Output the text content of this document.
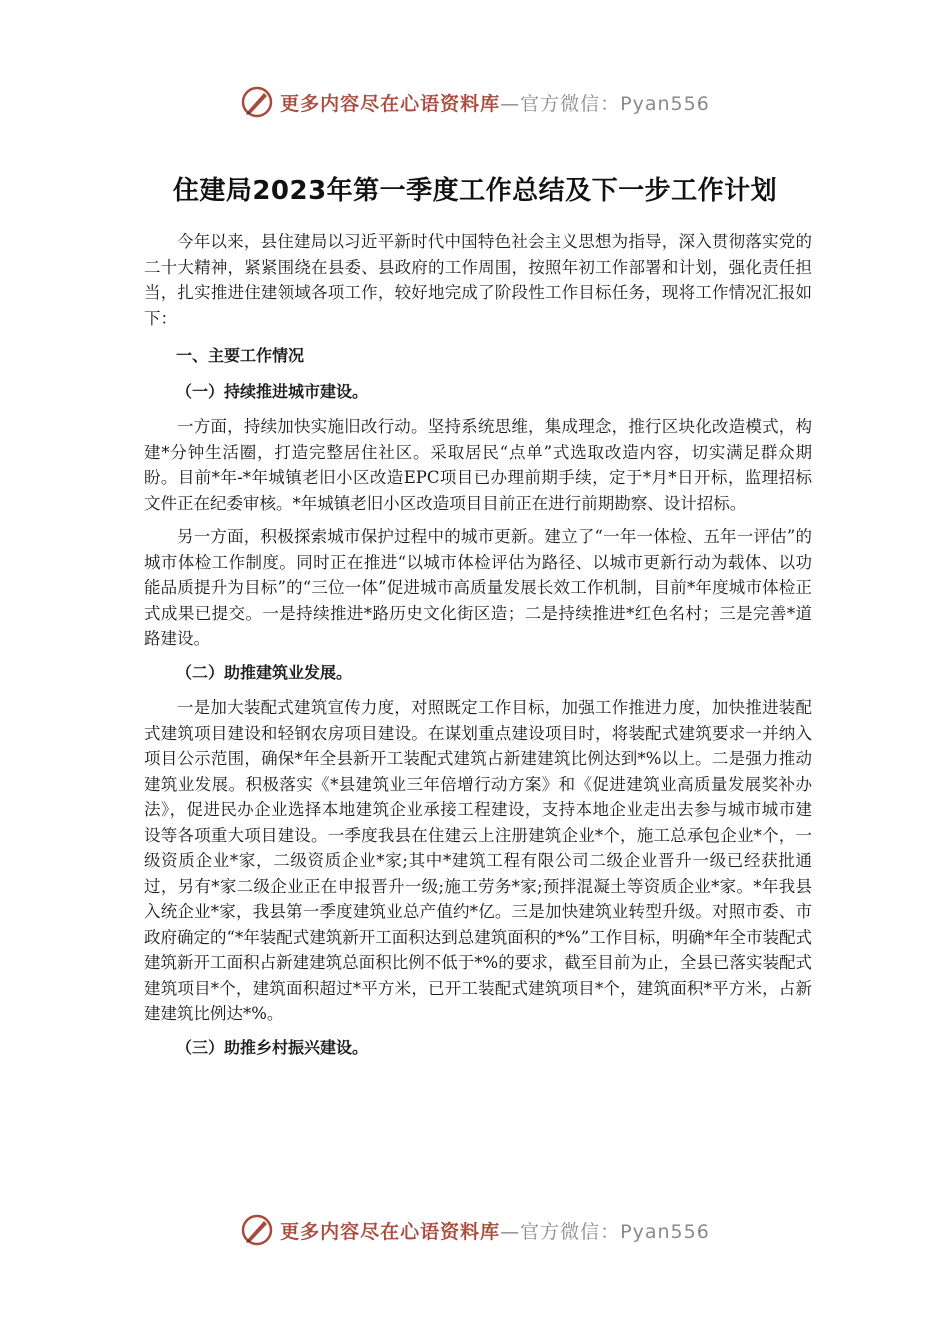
更多内容尽在心语资料库—官方微信：Pyan556
住建局2023年第一季度工作总结及下一步工作计划

今年以来，县住建局以习近平新时代中国特色社会主义思想为指导，深入贯彻落实党的二十大精神，紧紧围绕在县委、县政府的工作周围，按照年初工作部署和计划，强化责任担当，扎实推进住建领域各项工作，较好地完成了阶段性工作目标任务，现将工作情况汇报如下：

一、主要工作情况
（一）持续推进城市建设。

一方面，持续加快实施旧改行动。坚持系统思维，集成理念，推行区块化改造模式，构建*分钟生活圈，打造完整居住社区。采取居民“点单”式选取改造内容，切实满足群众期盼。目前*年-*年城镇老旧小区改造EPC项目已办理前期手续，定于*月*日开标，监理招标文件正在纪委审核。*年城镇老旧小区改造项目目前正在进行前期勘察、设计招标。

另一方面，积极探索城市保护过程中的城市更新。建立了“一年一体检、五年一评估”的城市体检工作制度。同时正在推进“以城市体检评估为路径、以城市更新行动为载体、以功能品质提升为目标”的“三位一体”促进城市高质量发展长效工作机制，目前*年度城市体检正式成果已提交。一是持续推进*路历史文化街区造；二是持续推进*红色名村；三是完善*道路建设。

（二）助推建筑业发展。

一是加大装配式建筑宣传力度，对照既定工作目标，加强工作推进力度，加快推进装配式建筑项目建设和轻钢农房项目建设。在谋划重点建设项目时，将装配式建筑要求一并纳入项目公示范围，确保*年全县新开工装配式建筑占新建建筑比例达到*%以上。二是强力推动建筑业发展。积极落实《*县建筑业三年倍增行动方案》和《促进建筑业高质量发展奖补办法》，促进民办企业选择本地建筑企业承接工程建设，支持本地企业走出去参与城市城市建设等各项重大项目建设。一季度我县在住建云上注册建筑企业*个，施工总承包企业*个，一级资质企业*家，二级资质企业*家;其中*建筑工程有限公司二级企业晋升一级已经获批通过，另有*家二级企业正在申报晋升一级;施工劳务*家;预拌混凝土等资质企业*家。*年我县入统企业*家，我县第一季度建筑业总产值约*亿。三是加快建筑业转型升级。对照市委、市政府确定的“*年装配式建筑新开工面积达到总建筑面积的*%”工作目标，明确*年全市装配式建筑新开工面积占新建建筑总面积比例不低于*%的要求，截至目前为止，全县已落实装配式建筑项目*个，建筑面积超过*平方米，已开工装配式建筑项目*个，建筑面积*平方米，占新建建筑比例达*%。

（三）助推乡村振兴建设。
更多内容尽在心语资料库—官方微信：Pyan556
